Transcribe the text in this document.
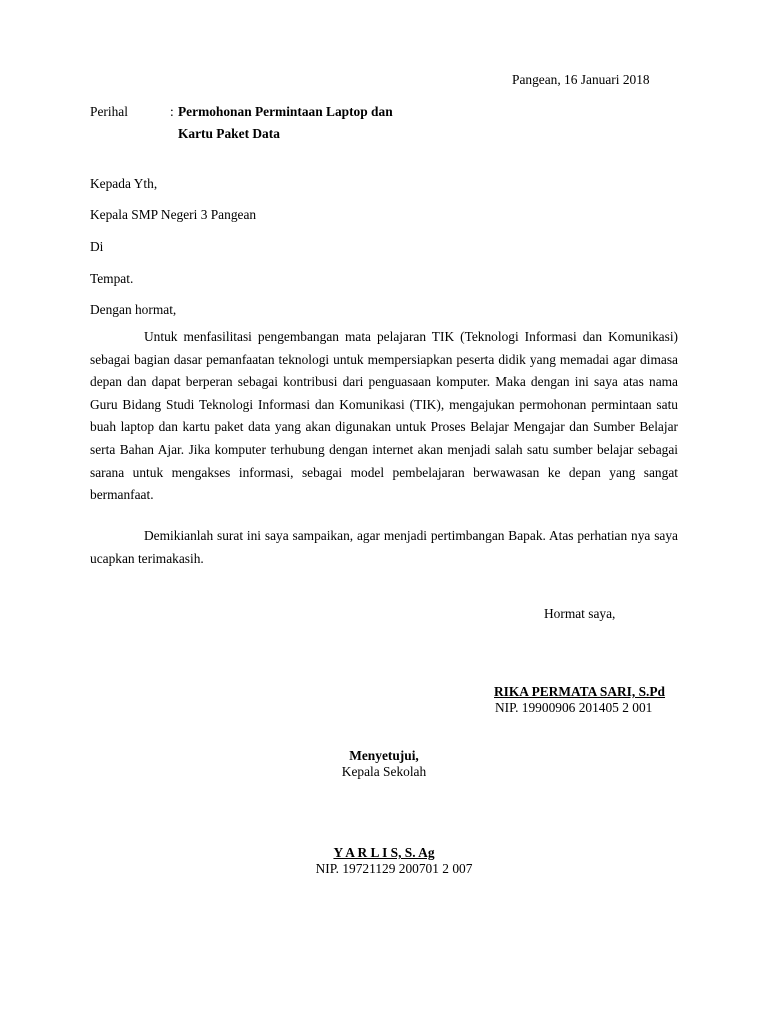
Pangean, 16 Januari 2018
Perihal	: Permohonan Permintaan Laptop dan
Kartu Paket Data
Kepada Yth,
Kepala SMP Negeri 3 Pangean
Di
Tempat.
Dengan hormat,
Untuk menfasilitasi pengembangan mata pelajaran TIK (Teknologi Informasi dan Komunikasi) sebagai bagian dasar pemanfaatan teknologi untuk mempersiapkan peserta didik yang memadai agar dimasa depan dan dapat berperan sebagai kontribusi dari penguasaan komputer. Maka dengan ini saya atas nama Guru Bidang Studi Teknologi Informasi dan Komunikasi (TIK), mengajukan permohonan permintaan satu buah laptop dan kartu paket data yang akan digunakan untuk Proses Belajar Mengajar dan Sumber Belajar serta Bahan Ajar. Jika komputer terhubung dengan internet akan menjadi salah satu sumber belajar sebagai sarana untuk mengakses informasi, sebagai model pembelajaran berwawasan ke depan yang sangat bermanfaat.
Demikianlah surat ini saya sampaikan, agar menjadi pertimbangan Bapak. Atas perhatian nya saya ucapkan terimakasih.
Hormat saya,
RIKA PERMATA SARI, S.Pd
NIP. 19900906 201405 2 001
Menyetujui,
Kepala Sekolah
Y A R L I S, S. Ag
NIP. 19721129 200701 2 007
